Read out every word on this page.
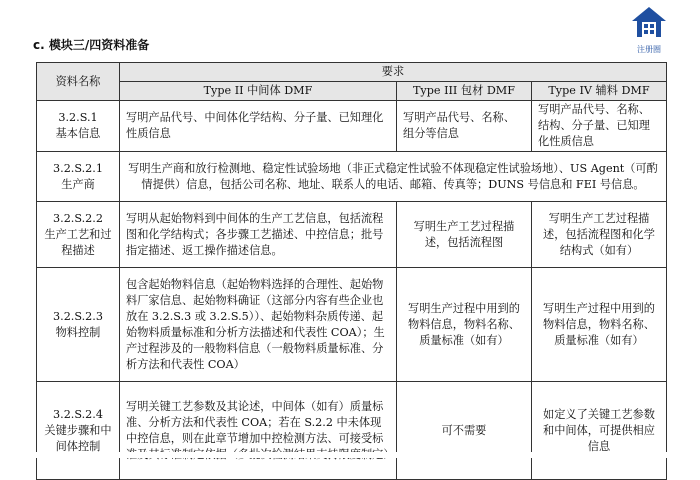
注册圈
c. 模块三/四资料准备
资料名称	要求		
	Type II 中间体 DMF	Type III 包材 DMF	Type IV 辅料 DMF

3.2.S.1
基本信息	写明产品代号、中间体化学结构、分子量、已知理化性质信息	写明产品代号、名称、组分等信息	写明产品代号、名称、结构、分子量、已知理化性质信息

3.2.S.2.1
生产商	写明生产商和放行检测地、稳定性试验场地（非正式稳定性试验不体现稳定性试验场地）、US Agent（可酌情提供）信息，包括公司名称、地址、联系人的电话、邮箱、传真等；DUNS 号信息和 FEI 号信息。		

3.2.S.2.2
生产工艺和过程描述	写明从起始物料到中间体的生产工艺信息，包括流程图和化学结构式；各步骤工艺描述、中控信息；批号指定描述、返工操作描述信息。	写明生产工艺过程描述，包括流程图	写明生产工艺过程描述，包括流程图和化学结构式（如有）

3.2.S.2.3
物料控制	包含起始物料信息（起始物料选择的合理性、起始物料厂家信息、起始物料确证（这部分内容有些企业也放在 3.2.S.3 或 3.2.S.5））、起始物料杂质传递、起始物料质量标准和分析方法描述和代表性 COA）；生产过程涉及的一般物料信息（一般物料质量标准、分析方法和代表性 COA）	写明生产过程中用到的物料信息，物料名称、质量标准（如有）	写明生产过程中用到的物料信息，物料名称、质量标准（如有）

3.2.S.2.4
关键步骤和中间体控制	写明关键工艺参数及其论述，中间体（如有）质量标准、分析方法和代表性 COA；若在 S.2.2 中未体现中控信息，则在此章节增加中控检测方法、可接受标	可不需要	如定义了关键工艺参数和中间体，可提供相应信息
